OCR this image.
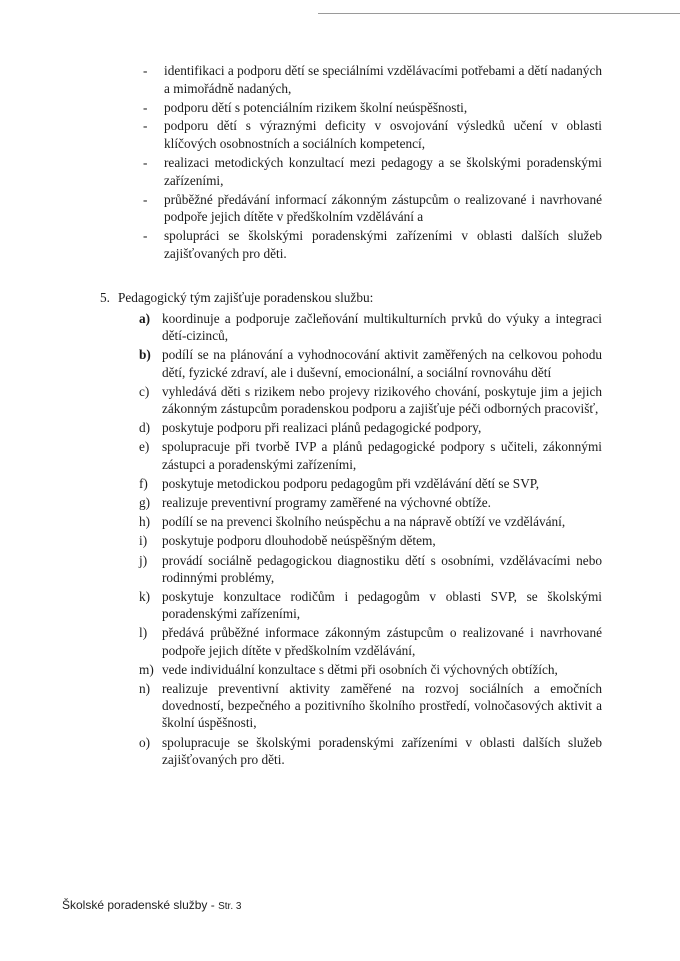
- identifikaci a podporu dětí se speciálními vzdělávacími potřebami a dětí nadaných a mimořádně nadaných,
- podporu dětí s potenciálním rizikem školní neúspěšnosti,
- podporu dětí s výraznými deficity v osvojování výsledků učení v oblasti klíčových osobnostních a sociálních kompetencí,
- realizaci metodických konzultací mezi pedagogy a se školskými poradenskými zařízeními,
- průběžné předávání informací zákonným zástupcům o realizované i navrhované podpoře jejich dítěte v předškolním vzdělávání a
- spolupráci se školskými poradenskými zařízeními v oblasti dalších služeb zajišťovaných pro děti.

5. Pedagogický tým zajišťuje poradenskou službu:

a) koordinuje a podporuje začleňování multikulturních prvků do výuky a integraci dětí-cizinců,
b) podílí se na plánování a vyhodnocování aktivit zaměřených na celkovou pohodu dětí, fyzické zdraví, ale i duševní, emocionální, a sociální rovnováhu dětí
c) vyhledává děti s rizikem nebo projevy rizikového chování, poskytuje jim a jejich zákonným zástupcům poradenskou podporu a zajišťuje péči odborných pracovišť,
d) poskytuje podporu při realizaci plánů pedagogické podpory,
e) spolupracuje při tvorbě IVP a plánů pedagogické podpory s učiteli, zákonnými zástupci a poradenskými zařízeními,
f) poskytuje metodickou podporu pedagogům při vzdělávání dětí se SVP,
g) realizuje preventivní programy zaměřené na výchovné obtíže.
h) podílí se na prevenci školního neúspěchu a na nápravě obtíží ve vzdělávání,
i) poskytuje podporu dlouhodobě neúspěšným dětem,
j) provádí sociálně pedagogickou diagnostiku dětí s osobními, vzdělávacími nebo rodinnými problémy,
k) poskytuje konzultace rodičům i pedagogům v oblasti SVP, se školskými poradenskými zařízeními,
l) předává průběžné informace zákonným zástupcům o realizované i navrhované podpoře jejich dítěte v předškolním vzdělávání,
m) vede individuální konzultace s dětmi při osobních či výchovných obtížích,
n) realizuje preventivní aktivity zaměřené na rozvoj sociálních a emočních dovedností, bezpečného a pozitivního školního prostředí, volnočasových aktivit a školní úspěšnosti,
o) spolupracuje se školskými poradenskými zařízeními v oblasti dalších služeb zajišťovaných pro děti.
Školské poradenské služby - Str. 3
